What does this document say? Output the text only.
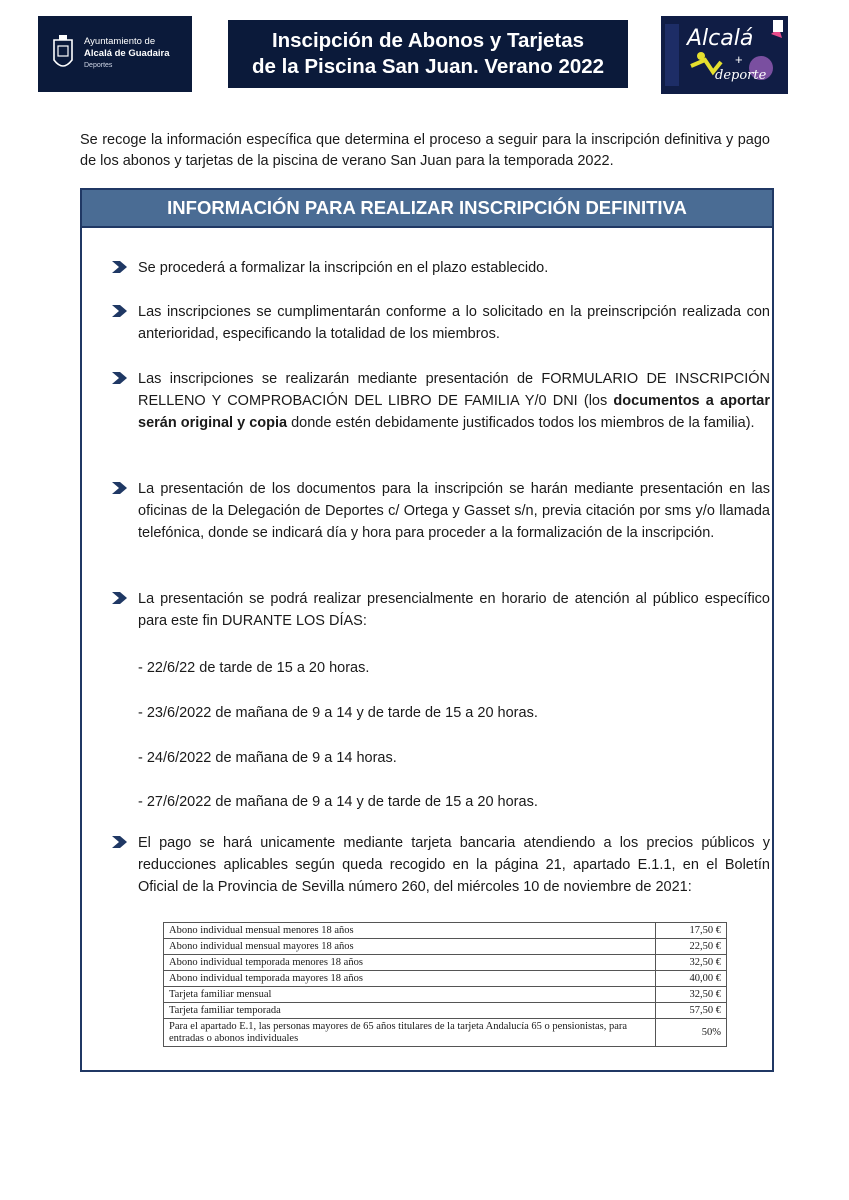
Ayuntamiento de
Alcalá de Guadaira
Deportes
Inscipción de Abonos y Tarjetas
de la Piscina San Juan. Verano 2022
Alcalá
+
deporte
Se recoge la información específica que determina el proceso a seguir para la inscripción definitiva y pago de los abonos y tarjetas de la piscina de verano San Juan para la temporada 2022.
INFORMACIÓN PARA REALIZAR INSCRIPCIÓN DEFINITIVA
Se procederá a formalizar la inscripción en el plazo establecido.
Las inscripciones se cumplimentarán conforme a lo solicitado en la preinscripción realizada con anterioridad, especificando la totalidad de los miembros.
Las inscripciones se realizarán mediante presentación de FORMULARIO DE INSCRIPCIÓN RELLENO Y COMPROBACIÓN DEL LIBRO DE FAMILIA Y/0 DNI (los documentos a aportar serán original y copia donde estén debidamente justificados todos los miembros de la familia).
La presentación de los documentos para la inscripción se harán mediante presentación en las oficinas de la Delegación de Deportes c/ Ortega y Gasset s/n, previa citación por sms y/o llamada telefónica, donde se indicará día y hora para proceder a la formalización de la inscripción.
La presentación se podrá realizar presencialmente en horario de atención al público específico para este fin DURANTE LOS DÍAS:
- 22/6/22 de tarde de 15 a 20 horas.
- 23/6/2022 de mañana de 9 a 14 y de tarde de 15 a 20 horas.
- 24/6/2022 de mañana de 9 a 14 horas.
- 27/6/2022 de mañana de 9 a 14 y de tarde de 15 a 20 horas.
El pago se hará unicamente mediante tarjeta bancaria atendiendo a los precios públicos y reducciones aplicables según queda recogido en la página 21, apartado E.1.1, en el Boletín Oficial de la Provincia de Sevilla número 260, del miércoles 10 de noviembre de 2021:
Abono individual mensual menores 18 años	17,50 €
Abono individual mensual mayores 18 años	22,50 €
Abono individual temporada menores 18 años	32,50 €
Abono individual temporada mayores 18 años	40,00 €
Tarjeta familiar mensual	32,50 €
Tarjeta familiar temporada	57,50 €
Para el apartado E.1, las personas mayores de 65 años titulares de la tarjeta Andalucía 65 o pensionistas, para entradas o abonos individuales	50%
